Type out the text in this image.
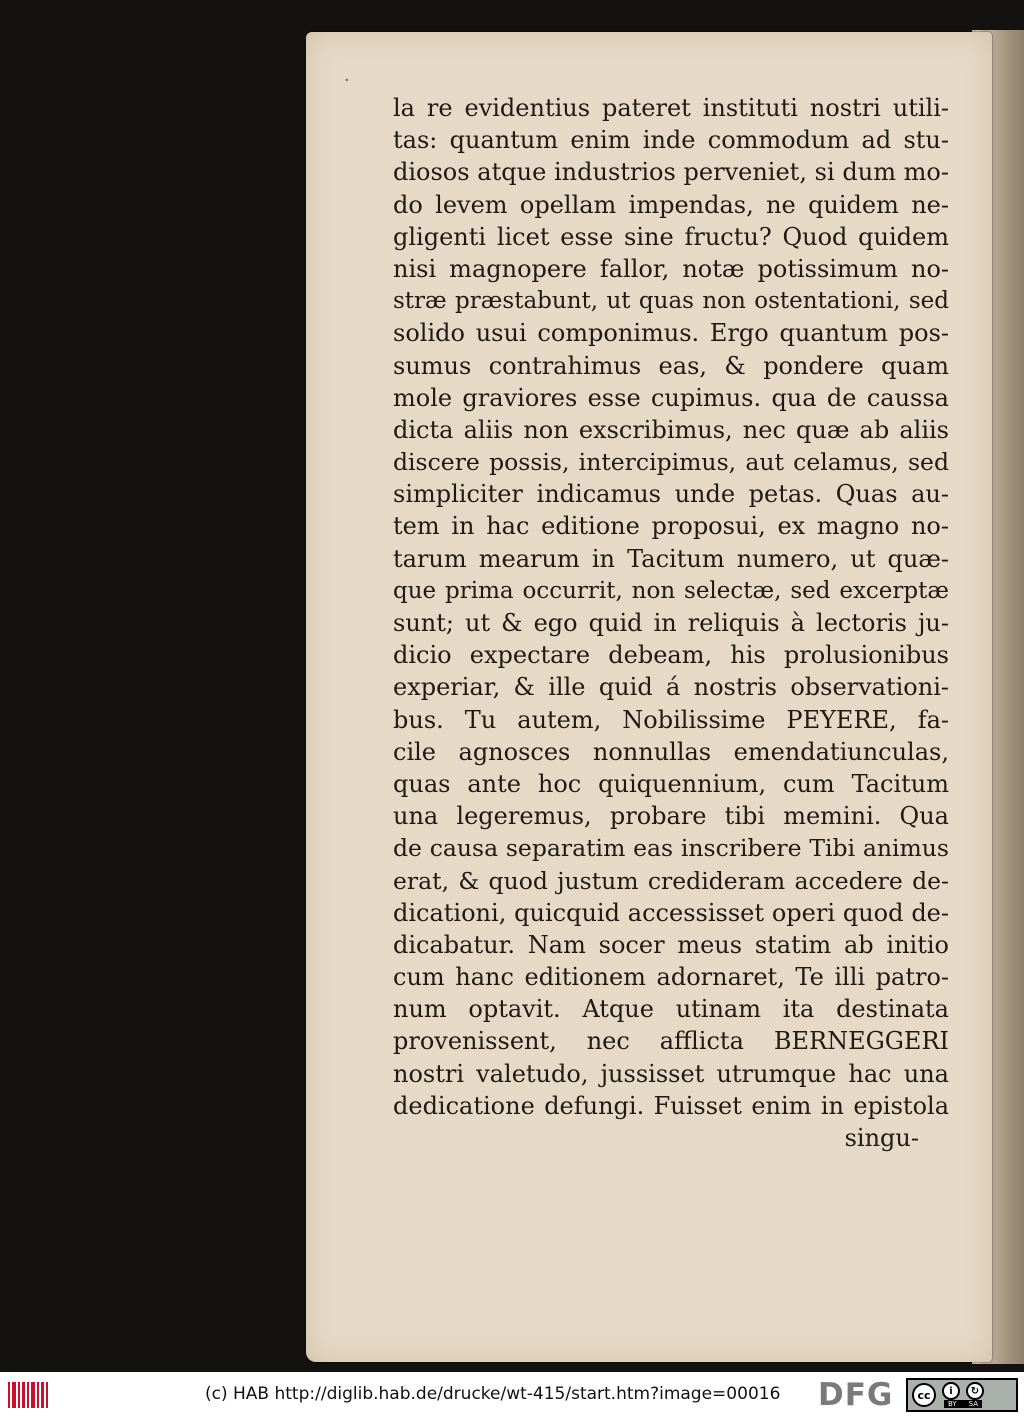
·
la re evidentius pateret instituti nostri utili-
tas: quantum enim inde commodum ad stu-
diosos atque industrios perveniet, si dum mo-
do levem opellam impendas, ne quidem ne-
gligenti licet esse sine fructu? Quod quidem
nisi magnopere fallor, notæ potissimum no-
stræ præstabunt, ut quas non ostentationi, sed
solido usui componimus. Ergo quantum pos-
sumus contrahimus eas, & pondere quam
mole graviores esse cupimus. qua de caussa
dicta aliis non exscribimus, nec quæ ab aliis
discere possis, intercipimus, aut celamus, sed
simpliciter indicamus unde petas. Quas au-
tem in hac editione proposui, ex magno no-
tarum mearum in Tacitum numero, ut quæ-
que prima occurrit, non selectæ, sed excerptæ
sunt; ut & ego quid in reliquis à lectoris ju-
dicio expectare debeam, his prolusionibus
experiar, & ille quid á nostris observationi-
bus. Tu autem, Nobilissime PEYERE, fa-
cile agnosces nonnullas emendatiunculas,
quas ante hoc quiquennium, cum Tacitum
una legeremus, probare tibi memini. Qua
de causa separatim eas inscribere Tibi animus
erat, & quod justum credideram accedere de-
dicationi, quicquid accessisset operi quod de-
dicabatur. Nam socer meus statim ab initio
cum hanc editionem adornaret, Te illi patro-
num optavit. Atque utinam ita destinata
provenissent, nec afflicta BERNEGGERI
nostri valetudo, jussisset utrumque hac una
dedicatione defungi. Fuisset enim in epistola
singu-
(c) HAB http://diglib.hab.de/drucke/wt-415/start.htm?image=00016 DFG	cc	i	↻
BY SA
